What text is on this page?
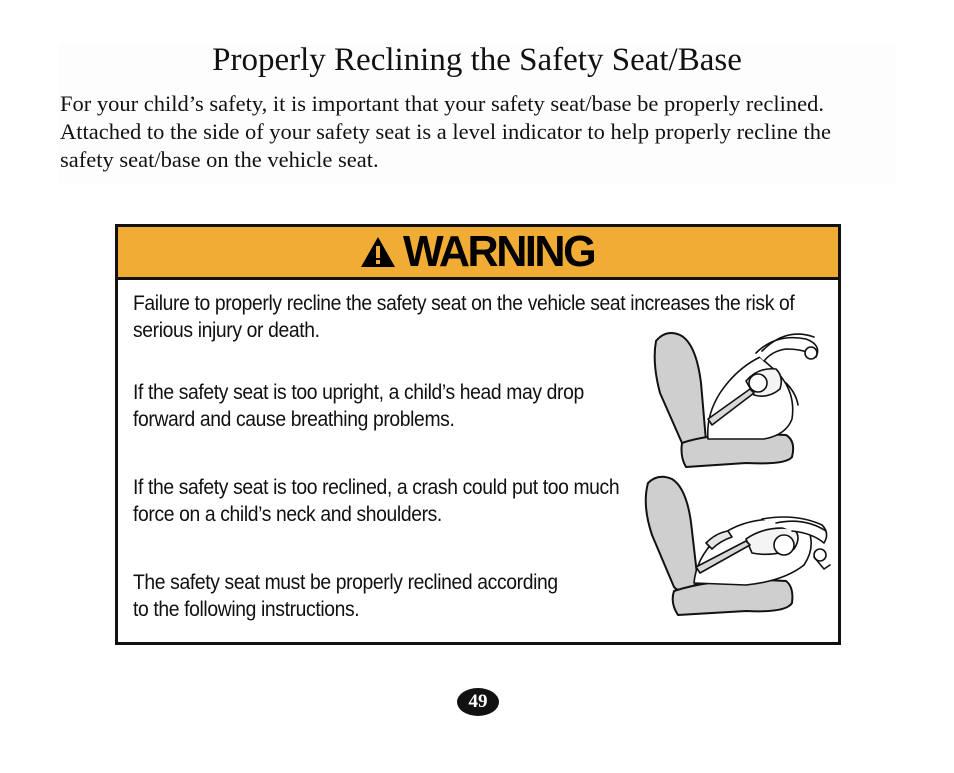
Properly Reclining the Safety Seat/Base

For your child’s safety, it is important that your safety seat/base be properly reclined. Attached to the side of your safety seat is a level indicator to help properly recline the safety seat/base on the vehicle seat.

WARNING

Failure to properly recline the safety seat on the vehicle seat increases the risk of serious injury or death.

If the safety seat is too upright, a child’s head may drop forward and cause breathing problems.

If the safety seat is too reclined, a crash could put too much force on a child’s neck and shoulders.

The safety seat must be properly reclined according to the following instructions.

49
